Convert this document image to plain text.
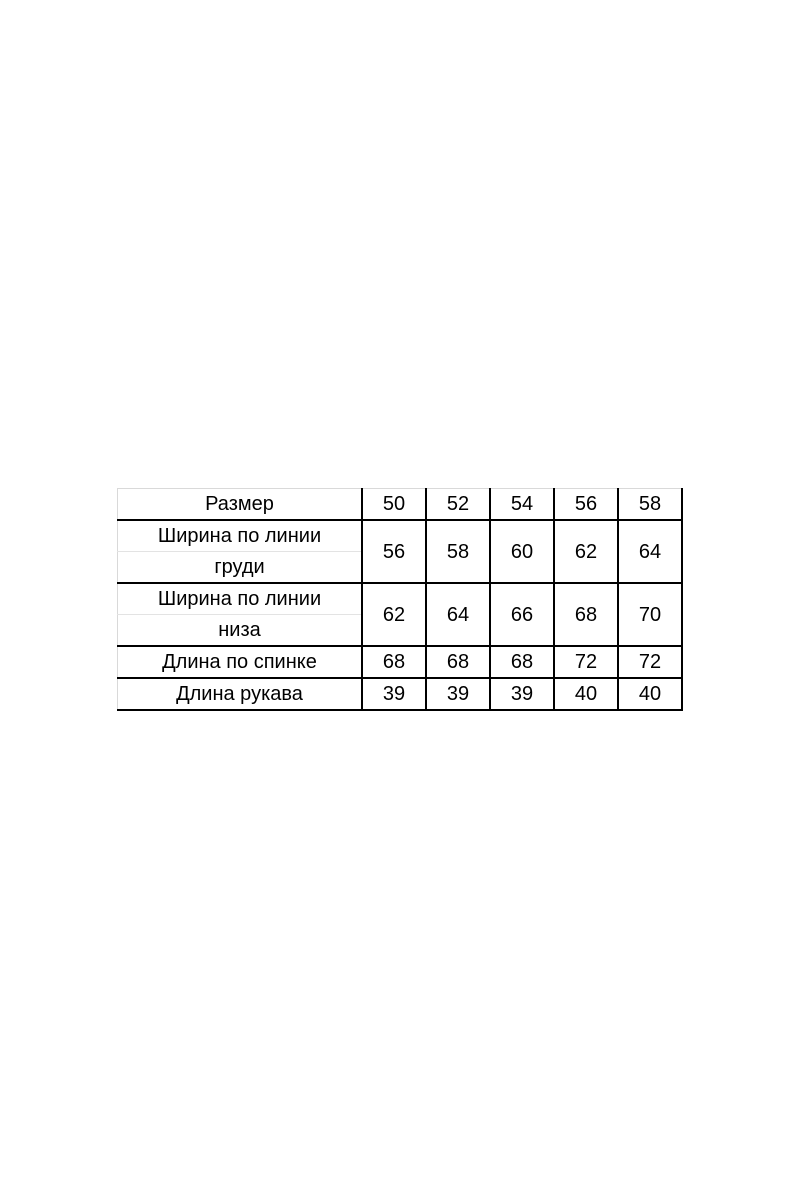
Размер	50	52	54	56	58
Ширина по линии	56	58	60	62	64
груди					
Ширина по линии	62	64	66	68	70
низа					
Длина по спинке	68	68	68	72	72
Длина рукава	39	39	39	40	40
